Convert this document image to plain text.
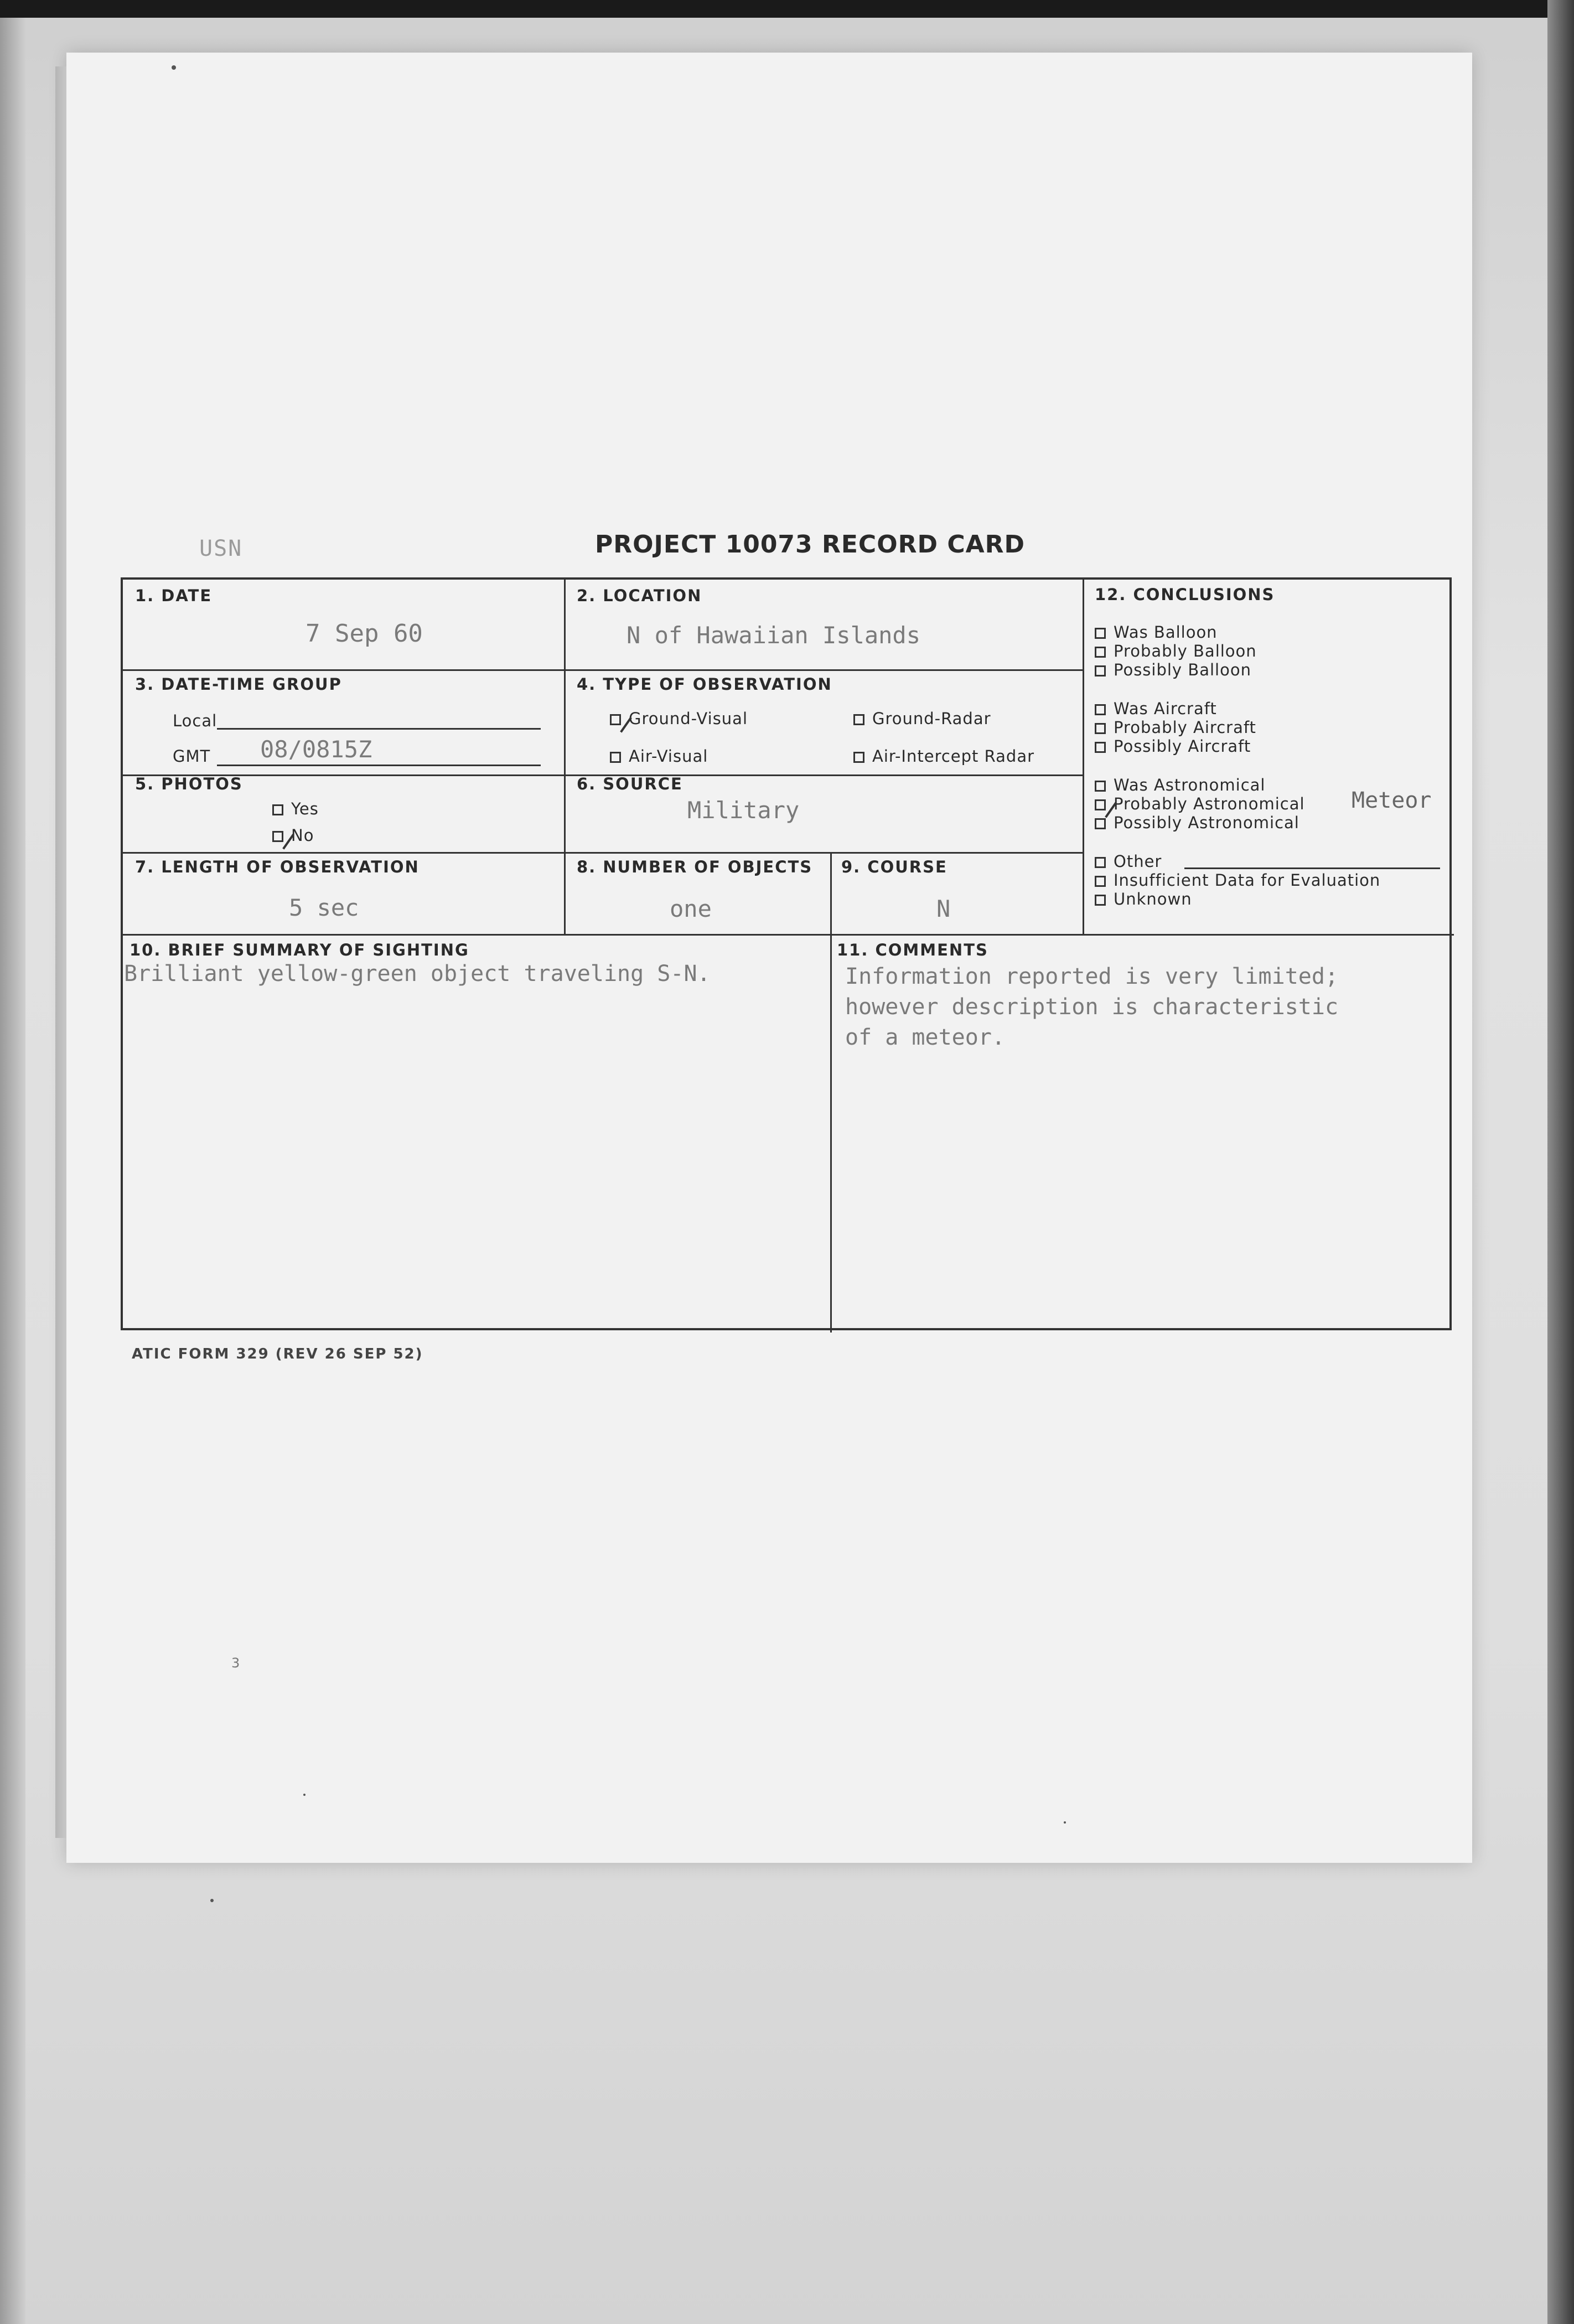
USN	PROJECT 10073 RECORD CARD
1. DATE
7 Sep 60
2. LOCATION
N of Hawaiian Islands
3. DATE-TIME GROUP
Local
GMT 08/0815Z
4. TYPE OF OBSERVATION
Ground-Visual	Ground-Radar
Air-Visual	Air-Intercept Radar
5. PHOTOS
Yes
No
6. SOURCE
Military
7. LENGTH OF OBSERVATION
5 sec
8. NUMBER OF OBJECTS
one
9. COURSE
N
10. BRIEF SUMMARY OF SIGHTING
Brilliant yellow-green object traveling S-N.
11. COMMENTS
Information reported is very limited;
however description is characteristic
of a meteor.
12. CONCLUSIONS
Was Balloon
Probably Balloon
Possibly Balloon
Was Aircraft
Probably Aircraft
Possibly Aircraft
Was Astronomical
Probably Astronomical
Possibly Astronomical
Meteor
Other
Insufficient Data for Evaluation
Unknown
ATIC FORM 329 (REV 26 SEP 52)
3
